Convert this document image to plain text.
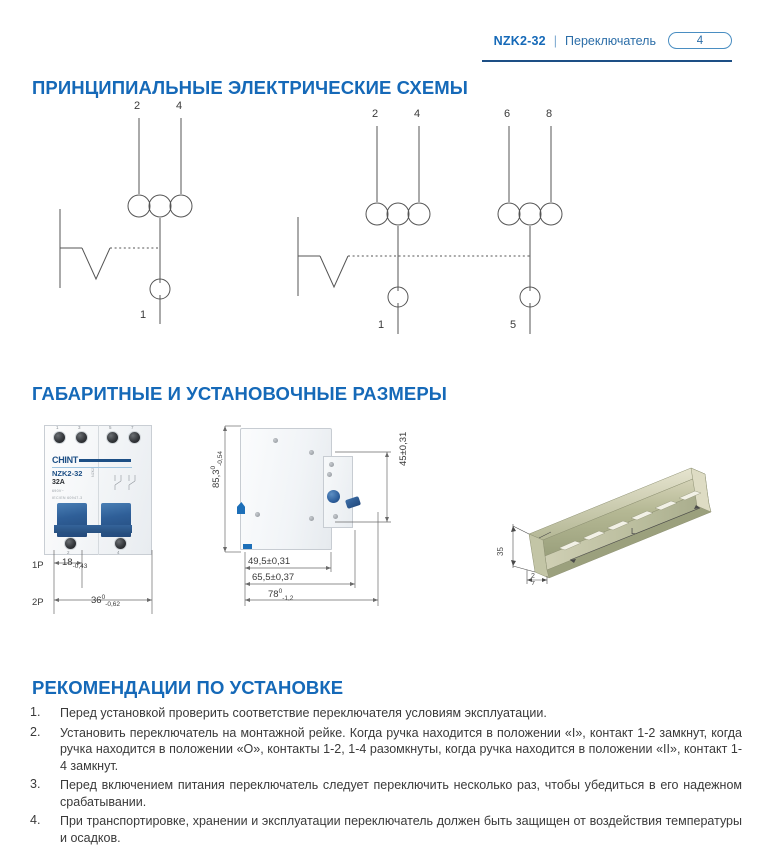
NZK2-32 | Переключатель	4
ПРИНЦИПИАЛЬНЫЕ ЭЛЕКТРИЧЕСКИЕ СХЕМЫ
2	4
1
2	4	6	8
1	5
ГАБАРИТНЫЕ И УСТАНОВОЧНЫЕ РАЗМЕРЫ
1	3	5	7
CHINT
NZK2-32
32A
690V~
IEC/EN 60947-3
NZK2
2	4
1P $18_{-0,43}$
2P	$36^0_{-0,62}$
$85,3^0_{-0,54}$	45±0,31
49,5±0,31
65,5±0,37
$78^0_{-1,2}$
35
2
7
L
РЕКОМЕНДАЦИИ ПО УСТАНОВКЕ
1.	Перед установкой проверить соответствие переключателя условиям эксплуатации.
2.	Установить переключатель на монтажной рейке. Когда ручка находится в положении «I», контакт 1-2 замкнут, когда ручка находится в положении «O», контакты 1-2, 1-4 разомкнуты, когда ручка находится в положении «II», контакт 1-4 замкнут.
3.	Перед включением питания переключатель следует переключить несколько раз, чтобы убедиться в его надежном срабатывании.
4.	При транспортировке, хранении и эксплуатации переключатель должен быть защищен от воздействия температуры и осадков.
